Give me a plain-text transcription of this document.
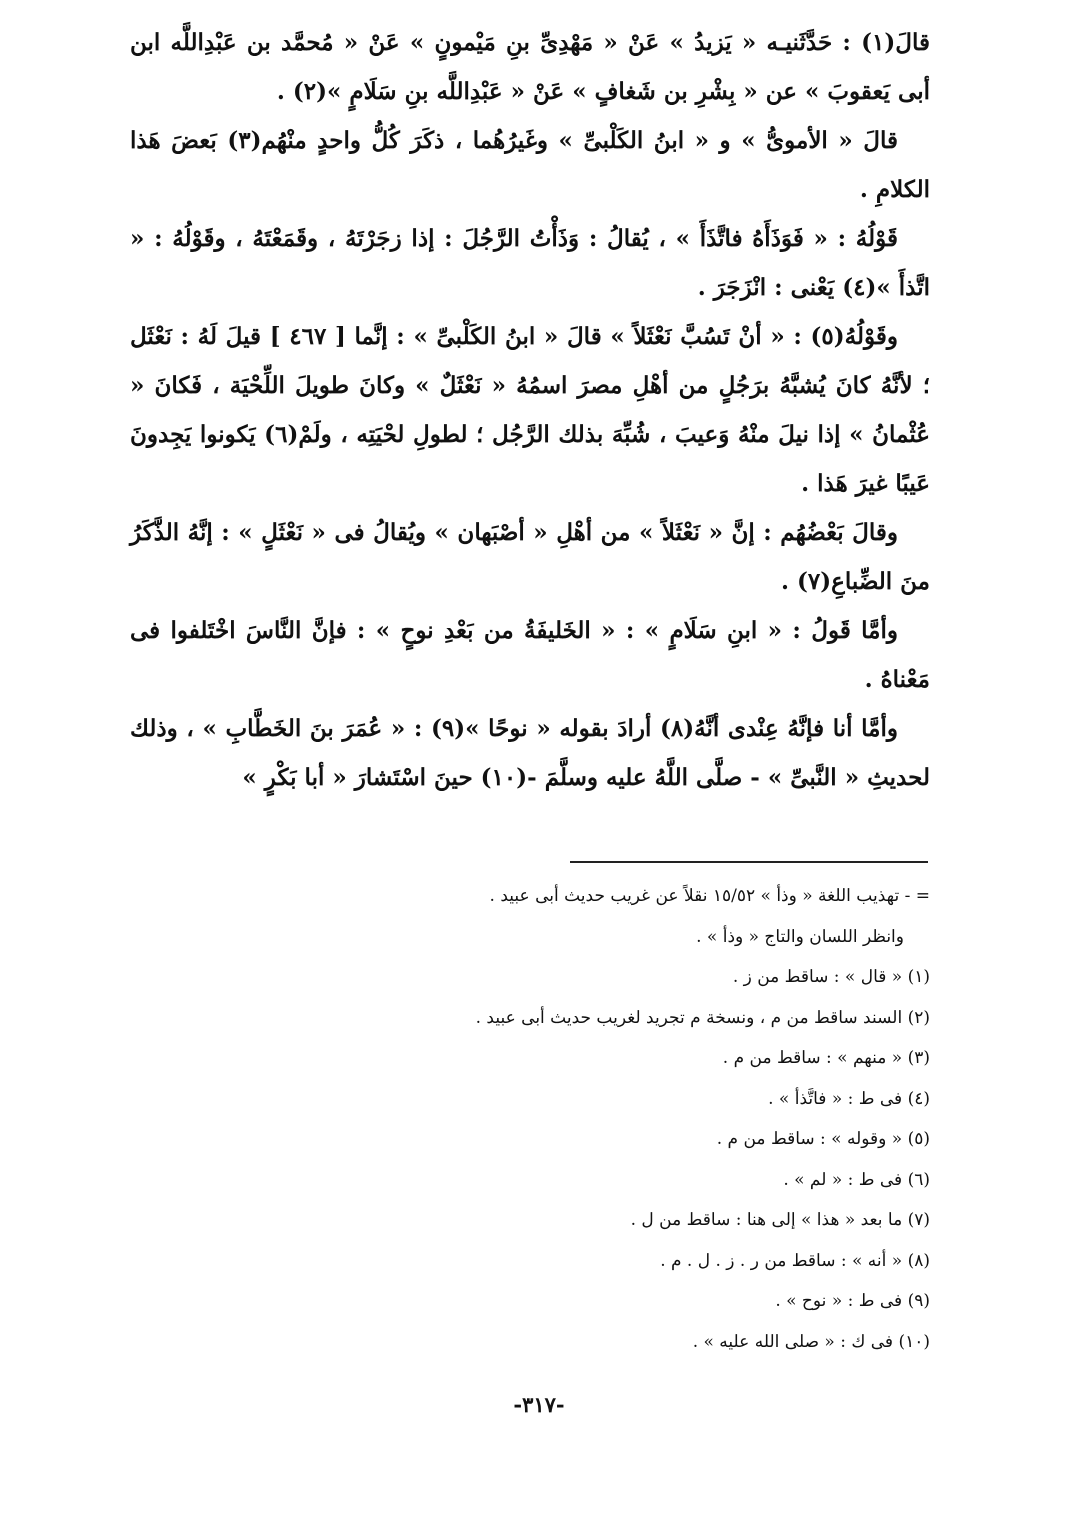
قالَ(١) : حَدَّثَنيـه « يَزيدُ » عَنْ « مَهْدِىِّ بنِ مَيْمونٍ » عَنْ « مُحمَّد بن عَبْدِاللَّه ابن أبى يَعقوبَ » عن « بِشْرِ بن شَغافٍ » عَنْ « عَبْدِاللَّه بنِ سَلَامٍ »(٢) .

قالَ « الأموىُّ » و « ابنُ الكَلْبىِّ » وغَيرُهُما ، ذكَرَ كُلُّ واحدٍ منْهُم(٣) بَعضَ هَذا الكلامِ .

قَوْلُهُ : « فَوَذَأَهُ فاتَّذَأَ » ، يُقالُ : وَذَأْتُ الرَّجُلَ : إذا زجَرْتَهُ ، وقَمَعْتَهُ ، وقَوْلُهُ : « اتَّذأَ »(٤) يَعْنى : انْزَجَرَ .

وقَوْلُهُ(٥) : « أنْ تَسُبَّ نَعْثَلاً » قالَ « ابنُ الكَلْبىِّ » : إنَّما [ ٤٦٧ ] قيلَ لَهُ : نَعْثَل ؛ لأنَّهُ كانَ يُشبَّهُ برَجُلٍ من أهْلِ مصرَ اسمُهُ « نَعْثَلٌ » وكانَ طويلَ اللِّحْيَة ، فَكانَ « عُثْمانُ » إذا نيلَ منْهُ وَعيبَ ، شُبِّهَ بذلك الرَّجُل ؛ لطولِ لحْيَتِه ، ولَمْ(٦) يَكونوا يَجِدونَ عَيبًا غيرَ هَذا .

وقالَ بَعْضُهُم : إنَّ « نَعْثَلاً » من أهْلِ « أصْبَهان » ويُقالُ فى « نَعْثَلٍ » : إنَّهُ الذَّكَرُ منَ الضِّباعِ(٧) .

وأمَّا قَولُ : « ابنِ سَلَامٍ » : « الخَليفَةُ من بَعْدِ نوحٍ » : فإنَّ النَّاسَ اخْتَلفوا فى مَعْناهُ .

وأمَّا أنا فإنَّهُ عِنْدى أنَّهُ(٨) أرادَ بقوله « نوحًا »(٩) : « عُمَرَ بنَ الخَطَّابِ » ، وذلك لحديثِ « النَّبىِّ » - صلَّى اللَّهُ عليه وسلَّمَ -(١٠) حينَ اسْتَشارَ « أبا بَكْرٍ »

= - تهذيب اللغة « وذأ » ١٥/٥٢ نقلاً عن غريب حديث أبى عبيد .

وانظر اللسان والتاج « وذأ » .

(١) « قال » : ساقط من ز .

(٢) السند ساقط من م ، ونسخة م تجريد لغريب حديث أبى عبيد .

(٣) « منهم » : ساقط من م .

(٤) فى ط : « فاتَّذأ » .

(٥) « وقوله » : ساقط من م .

(٦) فى ط : « لم » .

(٧) ما بعد « هذا » إلى هنا : ساقط من ل .

(٨) « أنه » : ساقط من ر . ز . ل . م .

(٩) فى ط : « نوح » .

(١٠) فى ك : « صلى الله عليه » .

-٣١٧-
